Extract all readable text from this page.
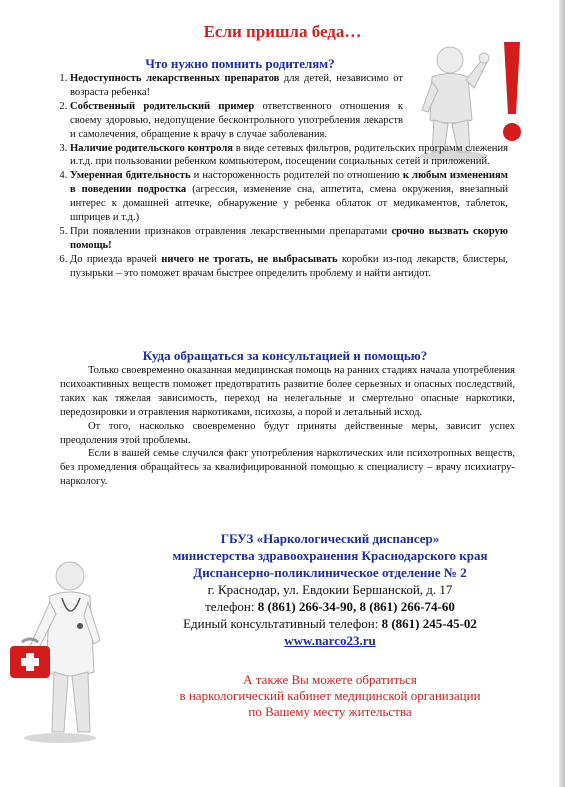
Если пришла беда…
Что нужно помнить родителям?
1. Недоступность лекарственных препаратов для детей, независимо от возраста ребенка!
2. Собственный родительский пример ответственного отношения к своему здоровью, недопущение бесконтрольного употребления лекарств и самолечения, обращение к врачу в случае заболевания.
3. Наличие родительского контроля в виде сетевых фильтров, родительских программ слежения и.т.д. при пользовании ребенком компьютером, посещении социальных сетей и приложений.
4. Умеренная бдительность и настороженность родителей по отношению к любым изменениям в поведении подростка (агрессия, изменение сна, аппетита, смена окружения, внезапный интерес к домашней аптечке, обнаружение у ребенка облаток от медикаментов, таблеток, шприцев и т.д.)
5. При появлении признаков отравления лекарственными препаратами срочно вызвать скорую помощь!
6. До приезда врачей ничего не трогать, не выбрасывать коробки из-под лекарств, блистеры, пузырьки – это поможет врачам быстрее определить проблему и найти антидот.
Куда обращаться за консультацией и помощью?

Только своевременно оказанная медицинская помощь на ранних стадиях начала употребления психоактивных веществ поможет предотвратить развитие более серьезных и опасных последствий, таких как тяжелая зависимость, переход на нелегальные и смертельно опасные наркотики, передозировки и отравления наркотиками, психозы, а порой и летальный исход.

От того, насколько своевременно будут приняты действенные меры, зависит успех преодоления этой проблемы.

Если в вашей семье случился факт употребления наркотических или психотропных веществ, без промедления обращайтесь за квалифицированной помощью к специалисту – врачу психиатру-наркологу.

ГБУЗ «Наркологический диспансер»
министерства здравоохранения Краснодарского края
Диспансерно-поликлиническое отделение № 2
г. Краснодар, ул. Евдокии Бершанской, д. 17
телефон: 8 (861) 266-34-90, 8 (861) 266-74-60
Единый консультативный телефон: 8 (861) 245-45-02
www.narco23.ru
А также Вы можете обратиться
в наркологический кабинет медицинской организации
по Вашему месту жительства
